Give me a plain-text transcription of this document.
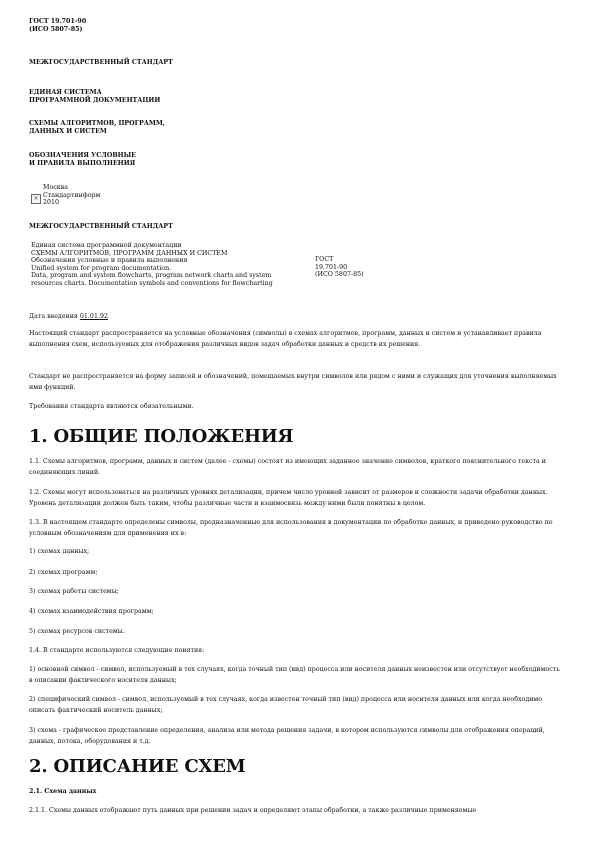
ГОСТ 19.701-90
(ИСО 5807-85)
МЕЖГОСУДАРСТВЕННЫЙ СТАНДАРТ
ЕДИНАЯ СИСТЕМА
ПРОГРАММНОЙ ДОКУМЕНТАЦИИ
СХЕМЫ АЛГОРИТМОВ, ПРОГРАММ,
ДАННЫХ И СИСТЕМ
ОБОЗНАЧЕНИЯ УСЛОВНЫЕ
И ПРАВИЛА ВЫПОЛНЕНИЯ
×
Москва
Стандартинформ
2010
МЕЖГОСУДАРСТВЕННЫЙ СТАНДАРТ
Единая система программной документации
СХЕМЫ АЛГОРИТМОВ, ПРОГРАММ ДАННЫХ И СИСТЕМ
Обозначения условные и правила выполнения
Unified system for program documentation.
Data, program and system flowcharts, program network charts and system
resources charts. Documentation symbols and conventions for flowcharting
ГОСТ
19.701-90
(ИСО 5807-85)
Дата введения 01.01.92
Настоящий стандарт распространяется на условные обозначения (символы) в схемах алгоритмов, программ, данных и систем и устанавливает правила выполнения схем, используемых для отображения различных видов задач обработки данных и средств их решения.
Стандарт не распространяется на форму записей и обозначений, помещаемых внутри символов или рядом с ними и служащих для уточнения выполняемых ими функций.
Требования стандарта являются обязательными.
1. ОБЩИЕ ПОЛОЖЕНИЯ
1.1. Схемы алгоритмов, программ, данных и систем (далее - схемы) состоят из имеющих заданное значение символов, краткого пояснительного текста и соединяющих линий.
1.2. Схемы могут использоваться на различных уровнях детализации, причем число уровней зависит от размеров и сложности задачи обработки данных. Уровень детализации должен быть таким, чтобы различные части и взаимосвязь между ними были понятны в целом.
1.3. В настоящем стандарте определены символы, предназначенные для использования в документации по обработке данных, и приведено руководство по условным обозначениям для применения их в:
1) схемах данных;
2) схемах программ;
3) схемах работы системы;
4) схемах взаимодействия программ;
5) схемах ресурсов системы.
1.4. В стандарте используются следующие понятия:
1) основной символ - символ, используемый в тех случаях, когда точный тип (вид) процесса или носителя данных неизвестен или отсутствует необходимость в описании фактического носителя данных;
2) специфический символ - символ, используемый в тех случаях, когда известен точный тип (вид) процесса или носителя данных или когда необходимо описать фактический носитель данных;
3) схема - графическое представление определения, анализа или метода решения задачи, в котором используются символы для отображения операций, данных, потока, оборудования и т.д.
2. ОПИСАНИЕ СХЕМ
2.1. Схема данных
2.1.1. Схемы данных отображают путь данных при решении задач и определяют этапы обработки, а также различные применяемые
